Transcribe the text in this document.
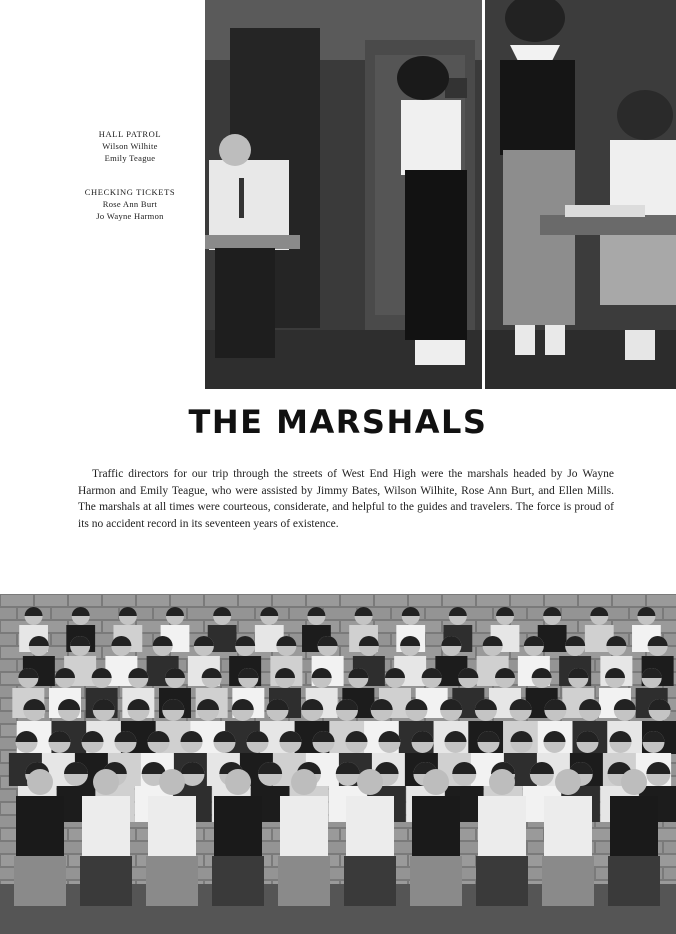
HALL PATROL
Wilson Wilhite
Emily Teague
CHECKING TICKETS
Rose Ann Burt
Jo Wayne Harmon
THE MARSHALS

Traffic directors for our trip through the streets of West End High were the marshals headed by Jo Wayne Harmon and Emily Teague, who were assisted by Jimmy Bates, Wilson Wilhite, Rose Ann Burt, and Ellen Mills. The marshals at all times were courteous, considerate, and helpful to the guides and travelers. The force is proud of its no accident record in its seventeen years of existence.
